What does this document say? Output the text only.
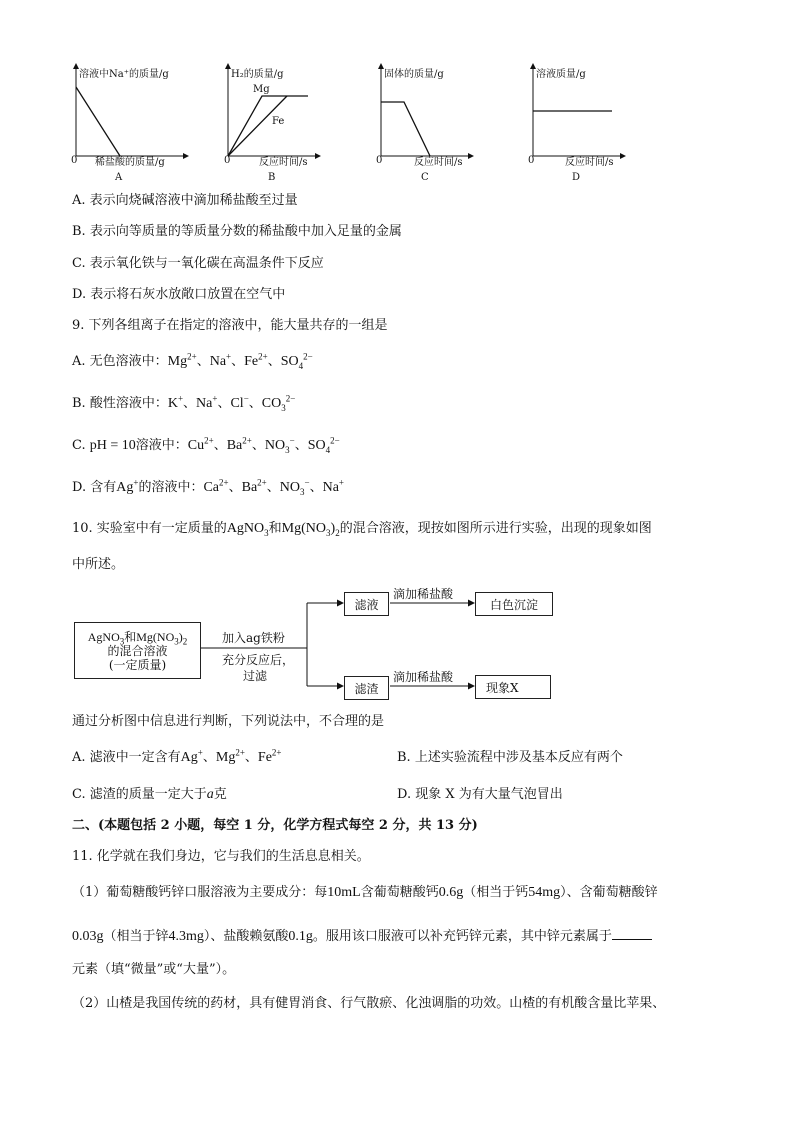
溶液中Na⁺的质量/g
0 稀盐酸的质量/g
A
H₂的质量/g
Mg
Fe
0	反应时间/s
B
固体的质量/g
0	反应时间/s
C
溶液质量/g
0	反应时间/s
D
A. 表示向烧碱溶液中滴加稀盐酸至过量
B. 表示向等质量的等质量分数的稀盐酸中加入足量的金属
C. 表示氧化铁与一氧化碳在高温条件下反应
D. 表示将石灰水放敞口放置在空气中
9. 下列各组离子在指定的溶液中，能大量共存的一组是
A. 无色溶液中：$Mg^{2+}$、Na+、$Fe^{2+}$、$SO_4^{2-}$
B. 酸性溶液中：K+、Na+、Cl−、$CO_3^{2-}$
C. pH = 10溶液中：$Cu^{2+}$、$Ba^{2+}$、$NO_3^-$、$SO_4^{2-}$
D. 含有Ag+的溶液中：$Ca^{2+}$、$Ba^{2+}$、$NO_3^-$、Na+
10. 实验室中有一定质量的AgNO$_3$和$Mg(NO_3)_2$的混合溶液，现按如图所示进行实验，出现的现象如图
中所述。
AgNO$_3$和$Mg(NO_3)_2$
的混合溶液
(一定质量)
加入ag铁粉
充分反应后，
过滤
滤液
滤渣
滴加稀盐酸
滴加稀盐酸
白色沉淀
现象X
通过分析图中信息进行判断，下列说法中，不合理的是
A. 滤液中一定含有Ag+、$Mg^{2+}$、$Fe^{2+}$	B. 上述实验流程中涉及基本反应有两个
C. 滤渣的质量一定大于a克	D. 现象 X 为有大量气泡冒出
二、(本题包括 2 小题，每空 1 分，化学方程式每空 2 分，共 13 分)
11. 化学就在我们身边，它与我们的生活息息相关。
（1）葡萄糖酸钙锌口服溶液为主要成分：每10mL含葡萄糖酸钙0.6g（相当于钙54mg）、含葡萄糖酸锌
0.03g（相当于锌4.3mg）、盐酸赖氨酸0.1g。服用该口服液可以补充钙锌元素，其中锌元素属于
元素（填“微量”或“大量”）。
（2）山楂是我国传统的药材，具有健胃消食、行气散瘀、化浊调脂的功效。山楂的有机酸含量比苹果、
